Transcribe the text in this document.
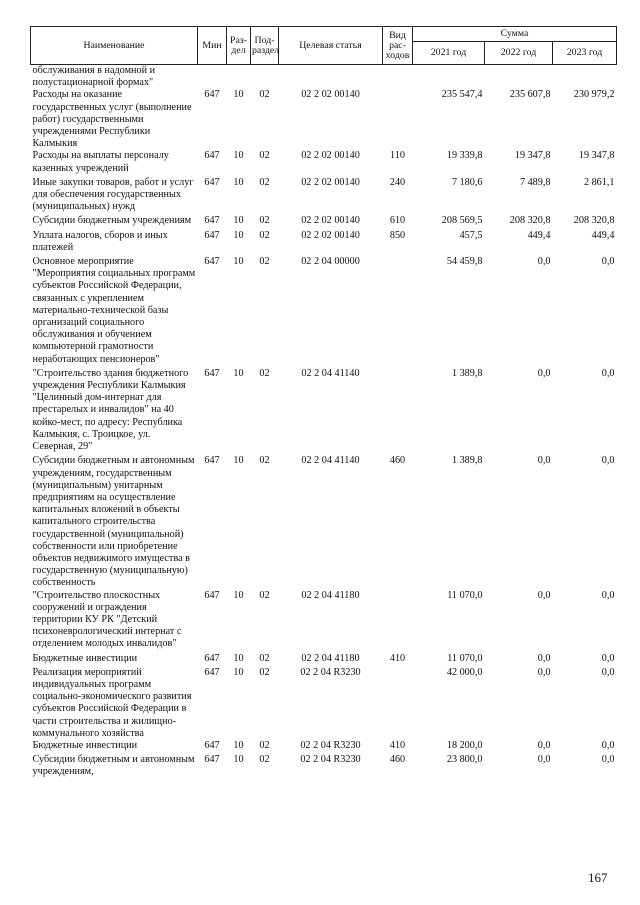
Наименование	Мин	Раз-дел	Под-раздел	Целевая статья	Вид рас-ходов	Сумма		
						2021 год	2022 год	2023 год
обслуживания в надомной и полустационарной формах"								
Расходы на оказание государственных услуг (выполнение работ) государственными учреждениями Республики Калмыкия	647	10	02	02 2 02 00140		235 547,4	235 607,8	230 979,2
Расходы на выплаты персоналу казенных учреждений	647	10	02	02 2 02 00140	110	19 339,8	19 347,8	19 347,8
Иные закупки товаров, работ и услуг для обеспечения государственных (муниципальных) нужд	647	10	02	02 2 02 00140	240	7 180,6	7 489,8	2 861,1
Субсидии бюджетным учреждениям	647	10	02	02 2 02 00140	610	208 569,5	208 320,8	208 320,8
Уплата налогов, сборов и иных платежей	647	10	02	02 2 02 00140	850	457,5	449,4	449,4
Основное мероприятие "Мероприятия социальных программ субъектов Российской Федерации, связанных с укреплением материально-технической базы организаций социального обслуживания и обучением компьютерной грамотности неработающих пенсионеров"	647	10	02	02 2 04 00000		54 459,8	0,0	0,0
"Строительство здания бюджетного учреждения Республики Калмыкия "Целинный дом-интернат для престарелых и инвалидов" на 40 койко-мест, по адресу: Республика Калмыкия, с. Троицкое, ул. Северная, 29"	647	10	02	02 2 04 41140		1 389,8	0,0	0,0
Субсидии бюджетным и автономным учреждениям, государственным (муниципальным) унитарным предприятиям на осуществление капитальных вложений в объекты капитального строительства государственной (муниципальной) собственности или приобретение объектов недвижимого имущества в государственную (муниципальную) собственность	647	10	02	02 2 04 41140	460	1 389,8	0,0	0,0
"Строительство плоскостных сооружений и ограждения территории КУ РК "Детский психоневрологический интернат с отделением молодых инвалидов"	647	10	02	02 2 04 41180		11 070,0	0,0	0,0
Бюджетные инвестиции	647	10	02	02 2 04 41180	410	11 070,0	0,0	0,0
Реализация мероприятий индивидуальных программ социально-экономического развития субъектов Российской Федерации в части строительства и жилищно-коммунального хозяйства	647	10	02	02 2 04 R3230		42 000,0	0,0	0,0
Бюджетные инвестиции	647	10	02	02 2 04 R3230	410	18 200,0	0,0	0,0
Субсидии бюджетным и автономным учреждениям,	647	10	02	02 2 04 R3230	460	23 800,0	0,0	0,0
167
